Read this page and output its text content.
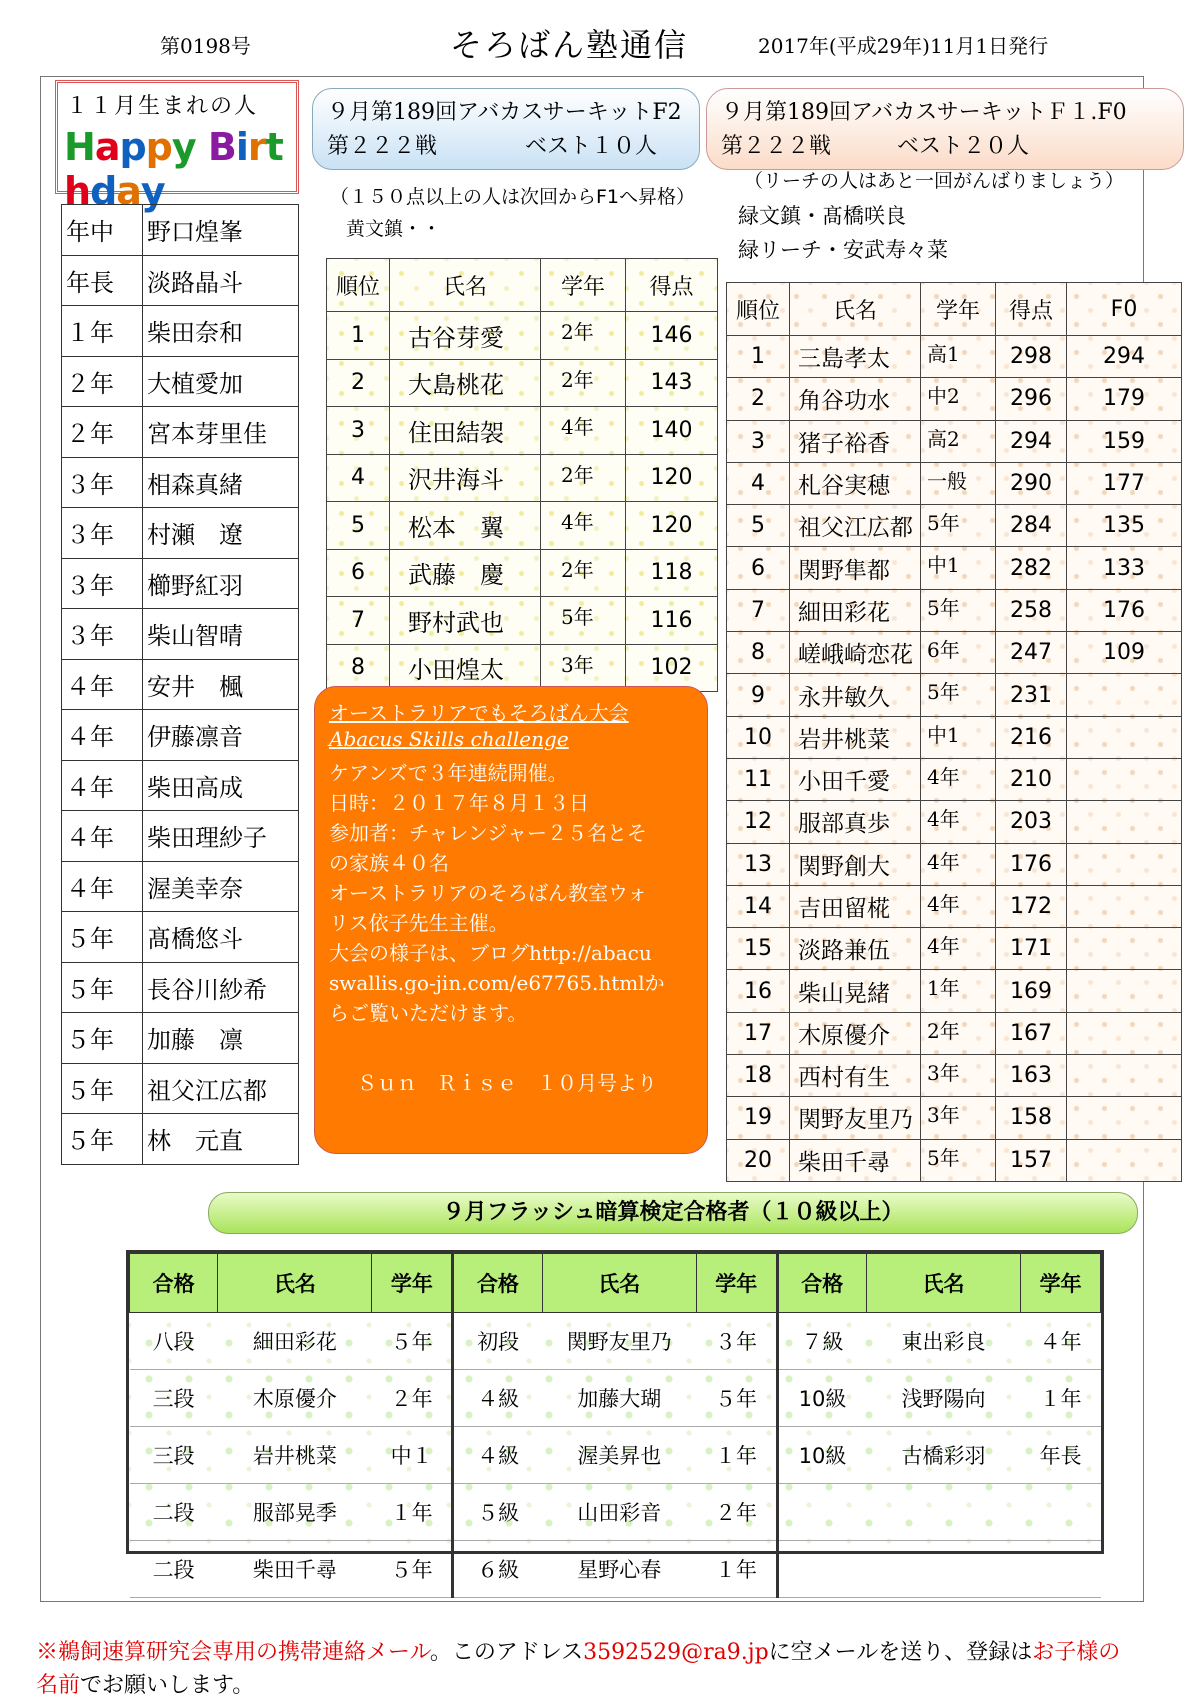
第0198号	そろばん塾通信	2017年(平成29年)11月1日発行
１１月生まれの人
Happy Birthday
年中	野口煌峯
年長	淡路晶斗
１年	柴田奈和
２年	大植愛加
２年	宮本芽里佳
３年	相森真緒
３年	村瀬　遼
３年	櫛野紅羽
３年	柴山智晴
４年	安井　楓
４年	伊藤凛音
４年	柴田高成
４年	柴田理紗子
４年	渥美幸奈
５年	髙橋悠斗
５年	長谷川紗希
５年	加藤　凛
５年	祖父江広都
５年	林　元直
９月第189回アバカスサーキットF2
第２２２戦　　　　ベスト１０人
（１５０点以上の人は次回からF1へ昇格）
黄文鎮・・
順位	氏名	学年	得点
1	古谷芽愛	2年	146
2	大島桃花	2年	143
3	住田結袈	4年	140
4	沢井海斗	2年	120
5	松本　翼	4年	120
6	武藤　慶	2年	118
7	野村武也	5年	116
8	小田煌太	3年	102
９月第189回アバカスサーキットＦ１.F0
第２２２戦　　　ベスト２０人
（リーチの人はあと一回がんばりましょう）
緑文鎮・髙橋咲良
緑リーチ・安武寿々菜
順位	氏名	学年	得点	F0
1	三島孝太	高1	298	294
2	角谷功水	中2	296	179
3	猪子裕香	高2	294	159
4	札谷実穂	一般	290	177
5	祖父江広都	5年	284	135
6	関野隼都	中1	282	133
7	細田彩花	5年	258	176
8	嵯峨崎恋花	6年	247	109
9	永井敏久	5年	231	
10	岩井桃菜	中1	216	
11	小田千愛	4年	210	
12	服部真歩	4年	203	
13	関野創大	4年	176	
14	吉田留椛	4年	172	
15	淡路兼伍	4年	171	
16	柴山晃緒	1年	169	
17	木原優介	2年	167	
18	西村有生	3年	163	
19	関野友里乃	3年	158	
20	柴田千尋	5年	157	
オーストラリアでもそろばん大会
Abacus Skills challenge
ケアンズで３年連続開催。
日時：２０１７年８月１３日
参加者：チャレンジャー２５名とそ
の家族４０名
オーストラリアのそろばん教室ウォ
リス依子先生主催。
大会の様子は、ブログhttp://abacu
swallis.go-jin.com/e67765.htmlか
らご覧いただけます。
　Ｓｕｎ　Ｒｉｓｅ　１０月号より
９月フラッシュ暗算検定合格者（１０級以上）
合格	氏名	学年	合格	氏名	学年	合格	氏名	学年
八段	細田彩花	５年	初段	関野友里乃	３年	７級	東出彩良	４年
三段	木原優介	２年	４級	加藤大瑚	５年	10級	浅野陽向	１年
三段	岩井桃菜	中１	４級	渥美昇也	１年	10級	古橋彩羽	年長
二段	服部晃季	１年	５級	山田彩音	２年			
二段	柴田千尋	５年	６級	星野心春	１年			
※鵜飼速算研究会専用の携帯連絡メール。このアドレス3592529@ra9.jpに空メールを送り、登録はお子様の
名前でお願いします。
